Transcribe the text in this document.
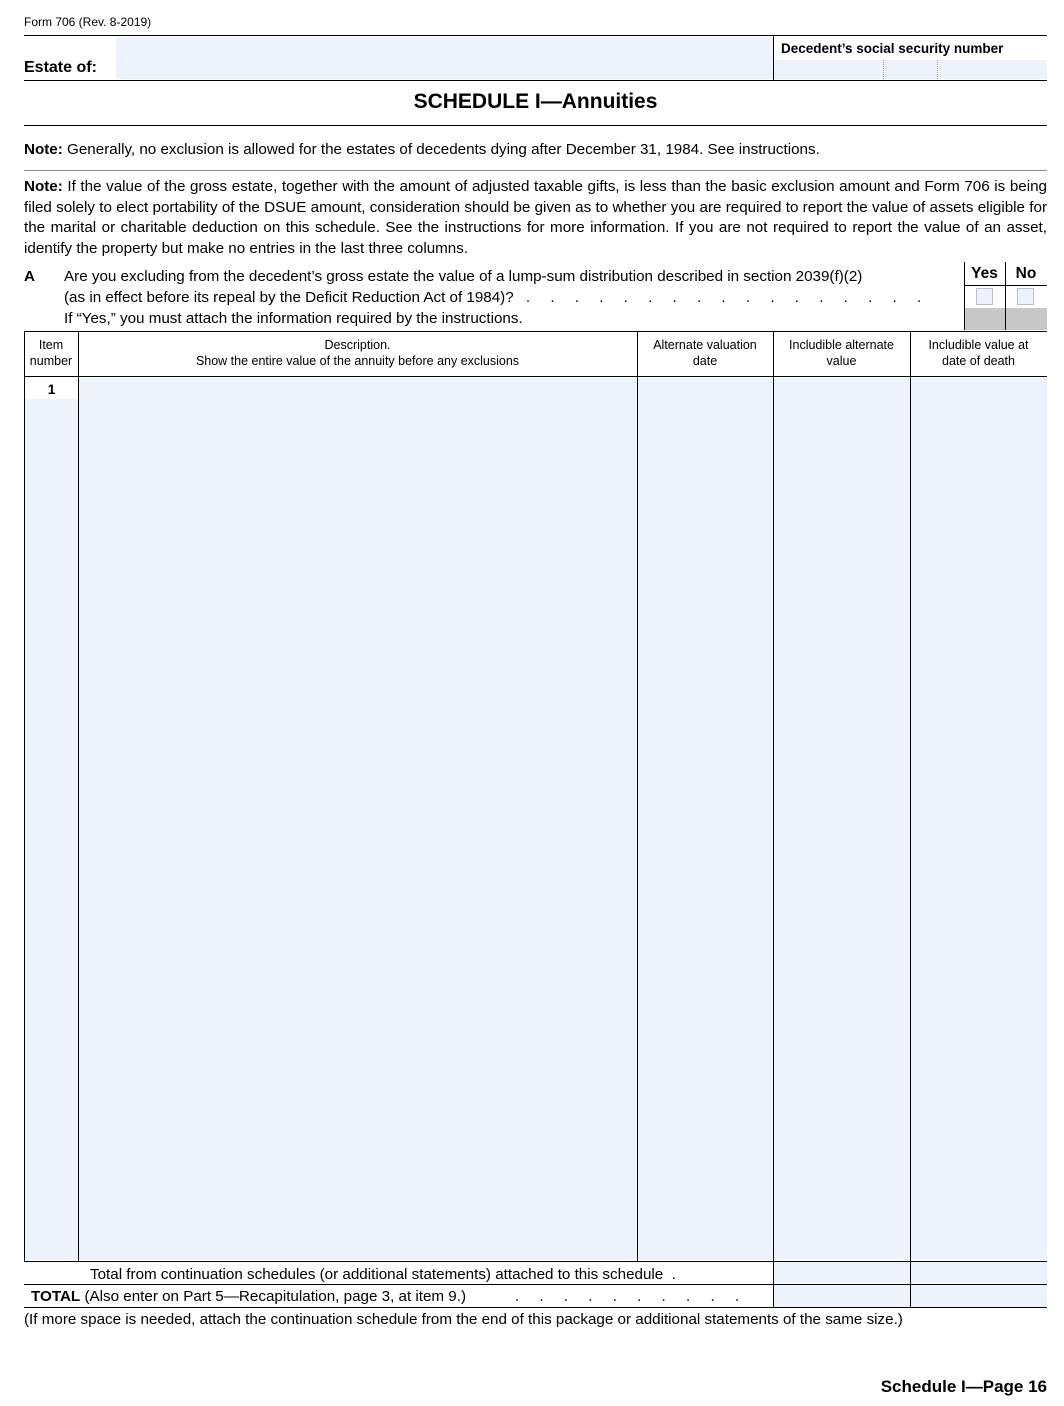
Form 706 (Rev. 8-2019)
Estate of:
Decedent’s social security number
SCHEDULE I—Annuities
Note: Generally, no exclusion is allowed for the estates of decedents dying after December 31, 1984. See instructions.
Note: If the value of the gross estate, together with the amount of adjusted taxable gifts, is less than the basic exclusion amount and Form 706 is being filed solely to elect portability of the DSUE amount, consideration should be given as to whether you are required to report the value of assets eligible for the marital or charitable deduction on this schedule. See the instructions for more information. If you are not required to report the value of an asset, identify the property but make no entries in the last three columns.
A Are you excluding from the decedent’s gross estate the value of a lump-sum distribution described in section 2039(f)(2)
(as in effect before its repeal by the Deficit Reduction Act of 1984)? . . . . . . . . . . . . . . . . .
If “Yes,” you must attach the information required by the instructions.
Yes	No
Item
number
Description.
Show the entire value of the annuity before any exclusions
Alternate valuation
date
Includible alternate
value
Includible value at
date of death
1
Total from continuation schedules (or additional statements) attached to this schedule  .
TOTAL (Also enter on Part 5—Recapitulation, page 3, at item 9.)    . . . . . . . . . .
(If more space is needed, attach the continuation schedule from the end of this package or additional statements of the same size.)
Schedule I—Page 16
